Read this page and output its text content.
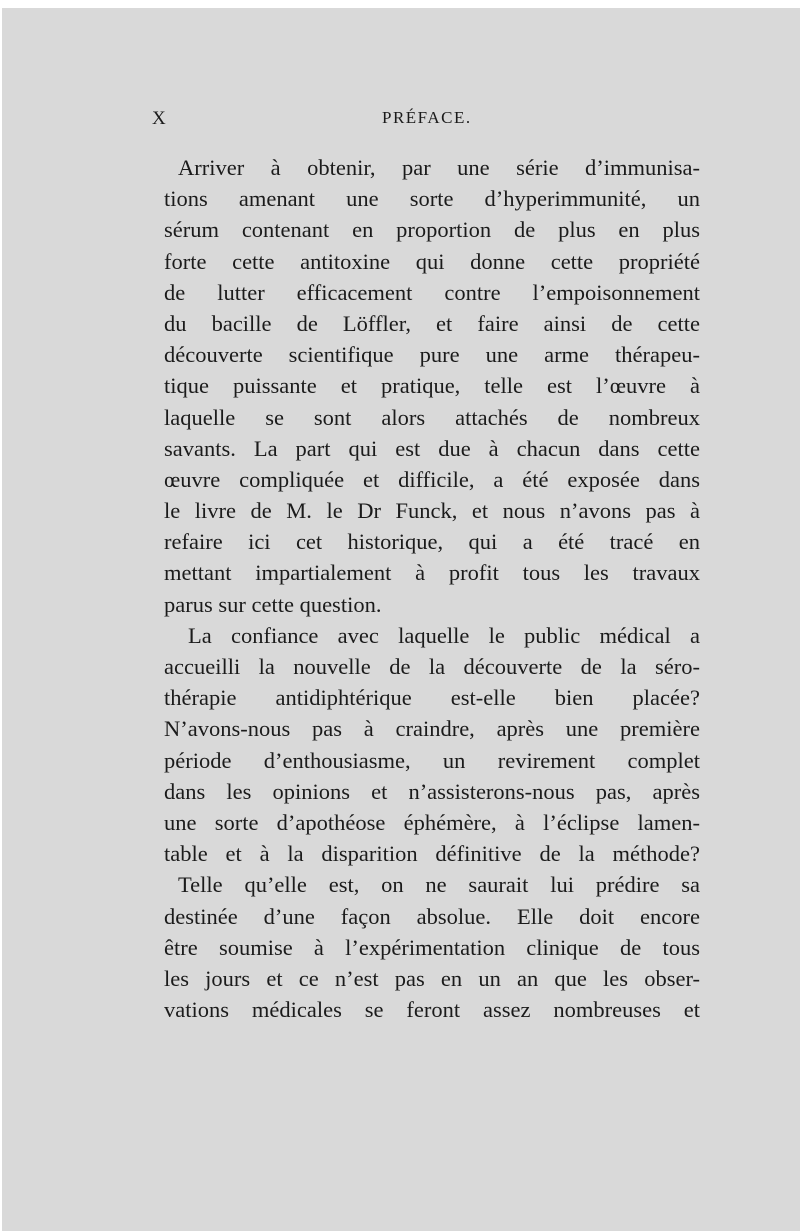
X	PRÉFACE.
Arriver à obtenir, par une série d’immunisa-
tions amenant une sorte d’hyperimmunité, un
sérum contenant en proportion de plus en plus
forte cette antitoxine qui donne cette propriété
de lutter efficacement contre l’empoisonnement
du bacille de Löffler, et faire ainsi de cette
découverte scientifique pure une arme thérapeu-
tique puissante et pratique, telle est l’œuvre à
laquelle se sont alors attachés de nombreux
savants. La part qui est due à chacun dans cette
œuvre compliquée et difficile, a été exposée dans
le livre de M. le Dr Funck, et nous n’avons pas à
refaire ici cet historique, qui a été tracé en
mettant impartialement à profit tous les travaux
parus sur cette question.
La confiance avec laquelle le public médical a
accueilli la nouvelle de la découverte de la séro-
thérapie antidiphtérique est-elle bien placée?
N’avons-nous pas à craindre, après une première
période d’enthousiasme, un revirement complet
dans les opinions et n’assisterons-nous pas, après
une sorte d’apothéose éphémère, à l’éclipse lamen-
table et à la disparition définitive de la méthode?
Telle qu’elle est, on ne saurait lui prédire sa
destinée d’une façon absolue. Elle doit encore
être soumise à l’expérimentation clinique de tous
les jours et ce n’est pas en un an que les obser-
vations médicales se feront assez nombreuses et
